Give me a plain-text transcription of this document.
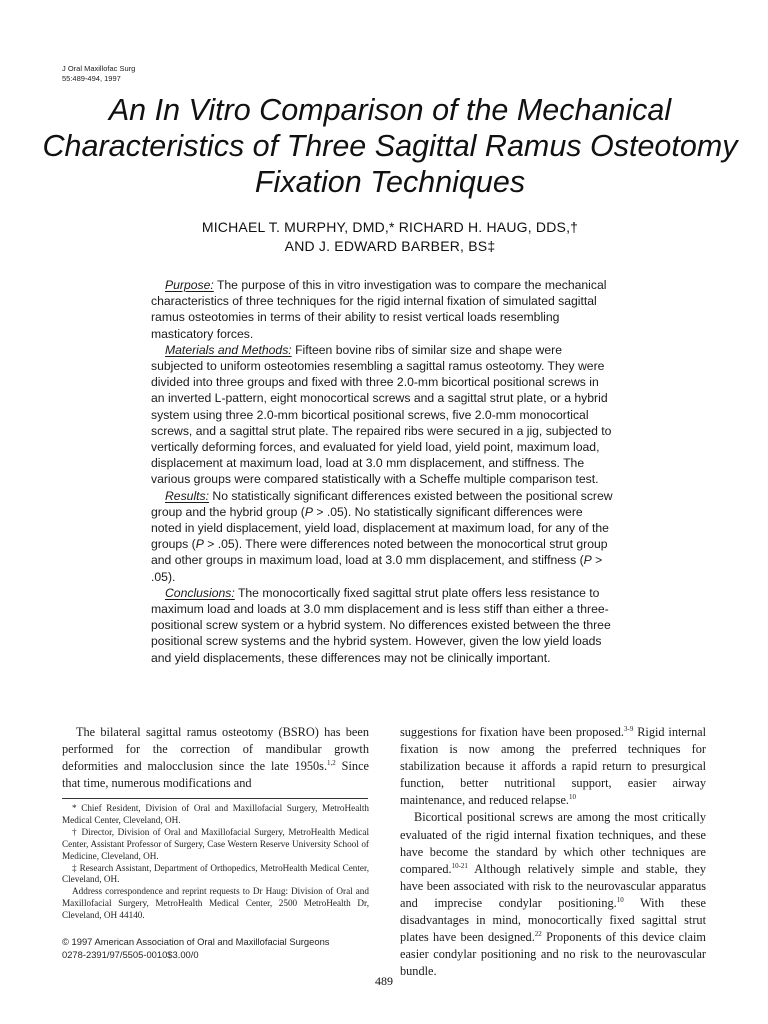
J Oral Maxillofac Surg
55:489-494, 1997
An In Vitro Comparison of the Mechanical Characteristics of Three Sagittal Ramus Osteotomy Fixation Techniques
MICHAEL T. MURPHY, DMD,* RICHARD H. HAUG, DDS,†
AND J. EDWARD BARBER, BS‡

Purpose: The purpose of this in vitro investigation was to compare the mechanical characteristics of three techniques for the rigid internal fixation of simulated sagittal ramus osteotomies in terms of their ability to resist vertical loads resembling masticatory forces.

Materials and Methods: Fifteen bovine ribs of similar size and shape were subjected to uniform osteotomies resembling a sagittal ramus osteotomy. They were divided into three groups and fixed with three 2.0-mm bicortical positional screws in an inverted L-pattern, eight monocortical screws and a sagittal strut plate, or a hybrid system using three 2.0-mm bicortical positional screws, five 2.0-mm monocortical screws, and a sagittal strut plate. The repaired ribs were secured in a jig, subjected to vertically deforming forces, and evaluated for yield load, yield point, maximum load, displacement at maximum load, load at 3.0 mm displacement, and stiffness. The various groups were compared statistically with a Scheffe multiple comparison test.

Results: No statistically significant differences existed between the positional screw group and the hybrid group (P > .05). No statistically significant differences were noted in yield displacement, yield load, displacement at maximum load, for any of the groups (P > .05). There were differences noted between the monocortical strut group and other groups in maximum load, load at 3.0 mm displacement, and stiffness (P > .05).

Conclusions: The monocortically fixed sagittal strut plate offers less resistance to maximum load and loads at 3.0 mm displacement and is less stiff than either a three-positional screw system or a hybrid system. No differences existed between the three positional screw systems and the hybrid system. However, given the low yield loads and yield displacements, these differences may not be clinically important.

The bilateral sagittal ramus osteotomy (BSRO) has been performed for the correction of mandibular growth deformities and malocclusion since the late 1950s.$^{1,2}$ Since that time, numerous modifications and

* Chief Resident, Division of Oral and Maxillofacial Surgery, MetroHealth Medical Center, Cleveland, OH.

† Director, Division of Oral and Maxillofacial Surgery, MetroHealth Medical Center, Assistant Professor of Surgery, Case Western Reserve University School of Medicine, Cleveland, OH.

‡ Research Assistant, Department of Orthopedics, MetroHealth Medical Center, Cleveland, OH.

Address correspondence and reprint requests to Dr Haug: Division of Oral and Maxillofacial Surgery, MetroHealth Medical Center, 2500 MetroHealth Dr, Cleveland, OH 44140.

© 1997 American Association of Oral and Maxillofacial Surgeons
0278-2391/97/5505-0010$3.00/0

suggestions for fixation have been proposed.$^{3-9}$ Rigid internal fixation is now among the preferred techniques for stabilization because it affords a rapid return to presurgical function, better nutritional support, easier airway maintenance, and reduced relapse.$^{10}$

Bicortical positional screws are among the most critically evaluated of the rigid internal fixation techniques, and these have become the standard by which other techniques are compared.$^{10-21}$ Although relatively simple and stable, they have been associated with risk to the neurovascular apparatus and imprecise condylar positioning.$^{10}$ With these disadvantages in mind, monocortically fixed sagittal strut plates have been designed.$^{22}$ Proponents of this device claim easier condylar positioning and no risk to the neurovascular bundle.

489
